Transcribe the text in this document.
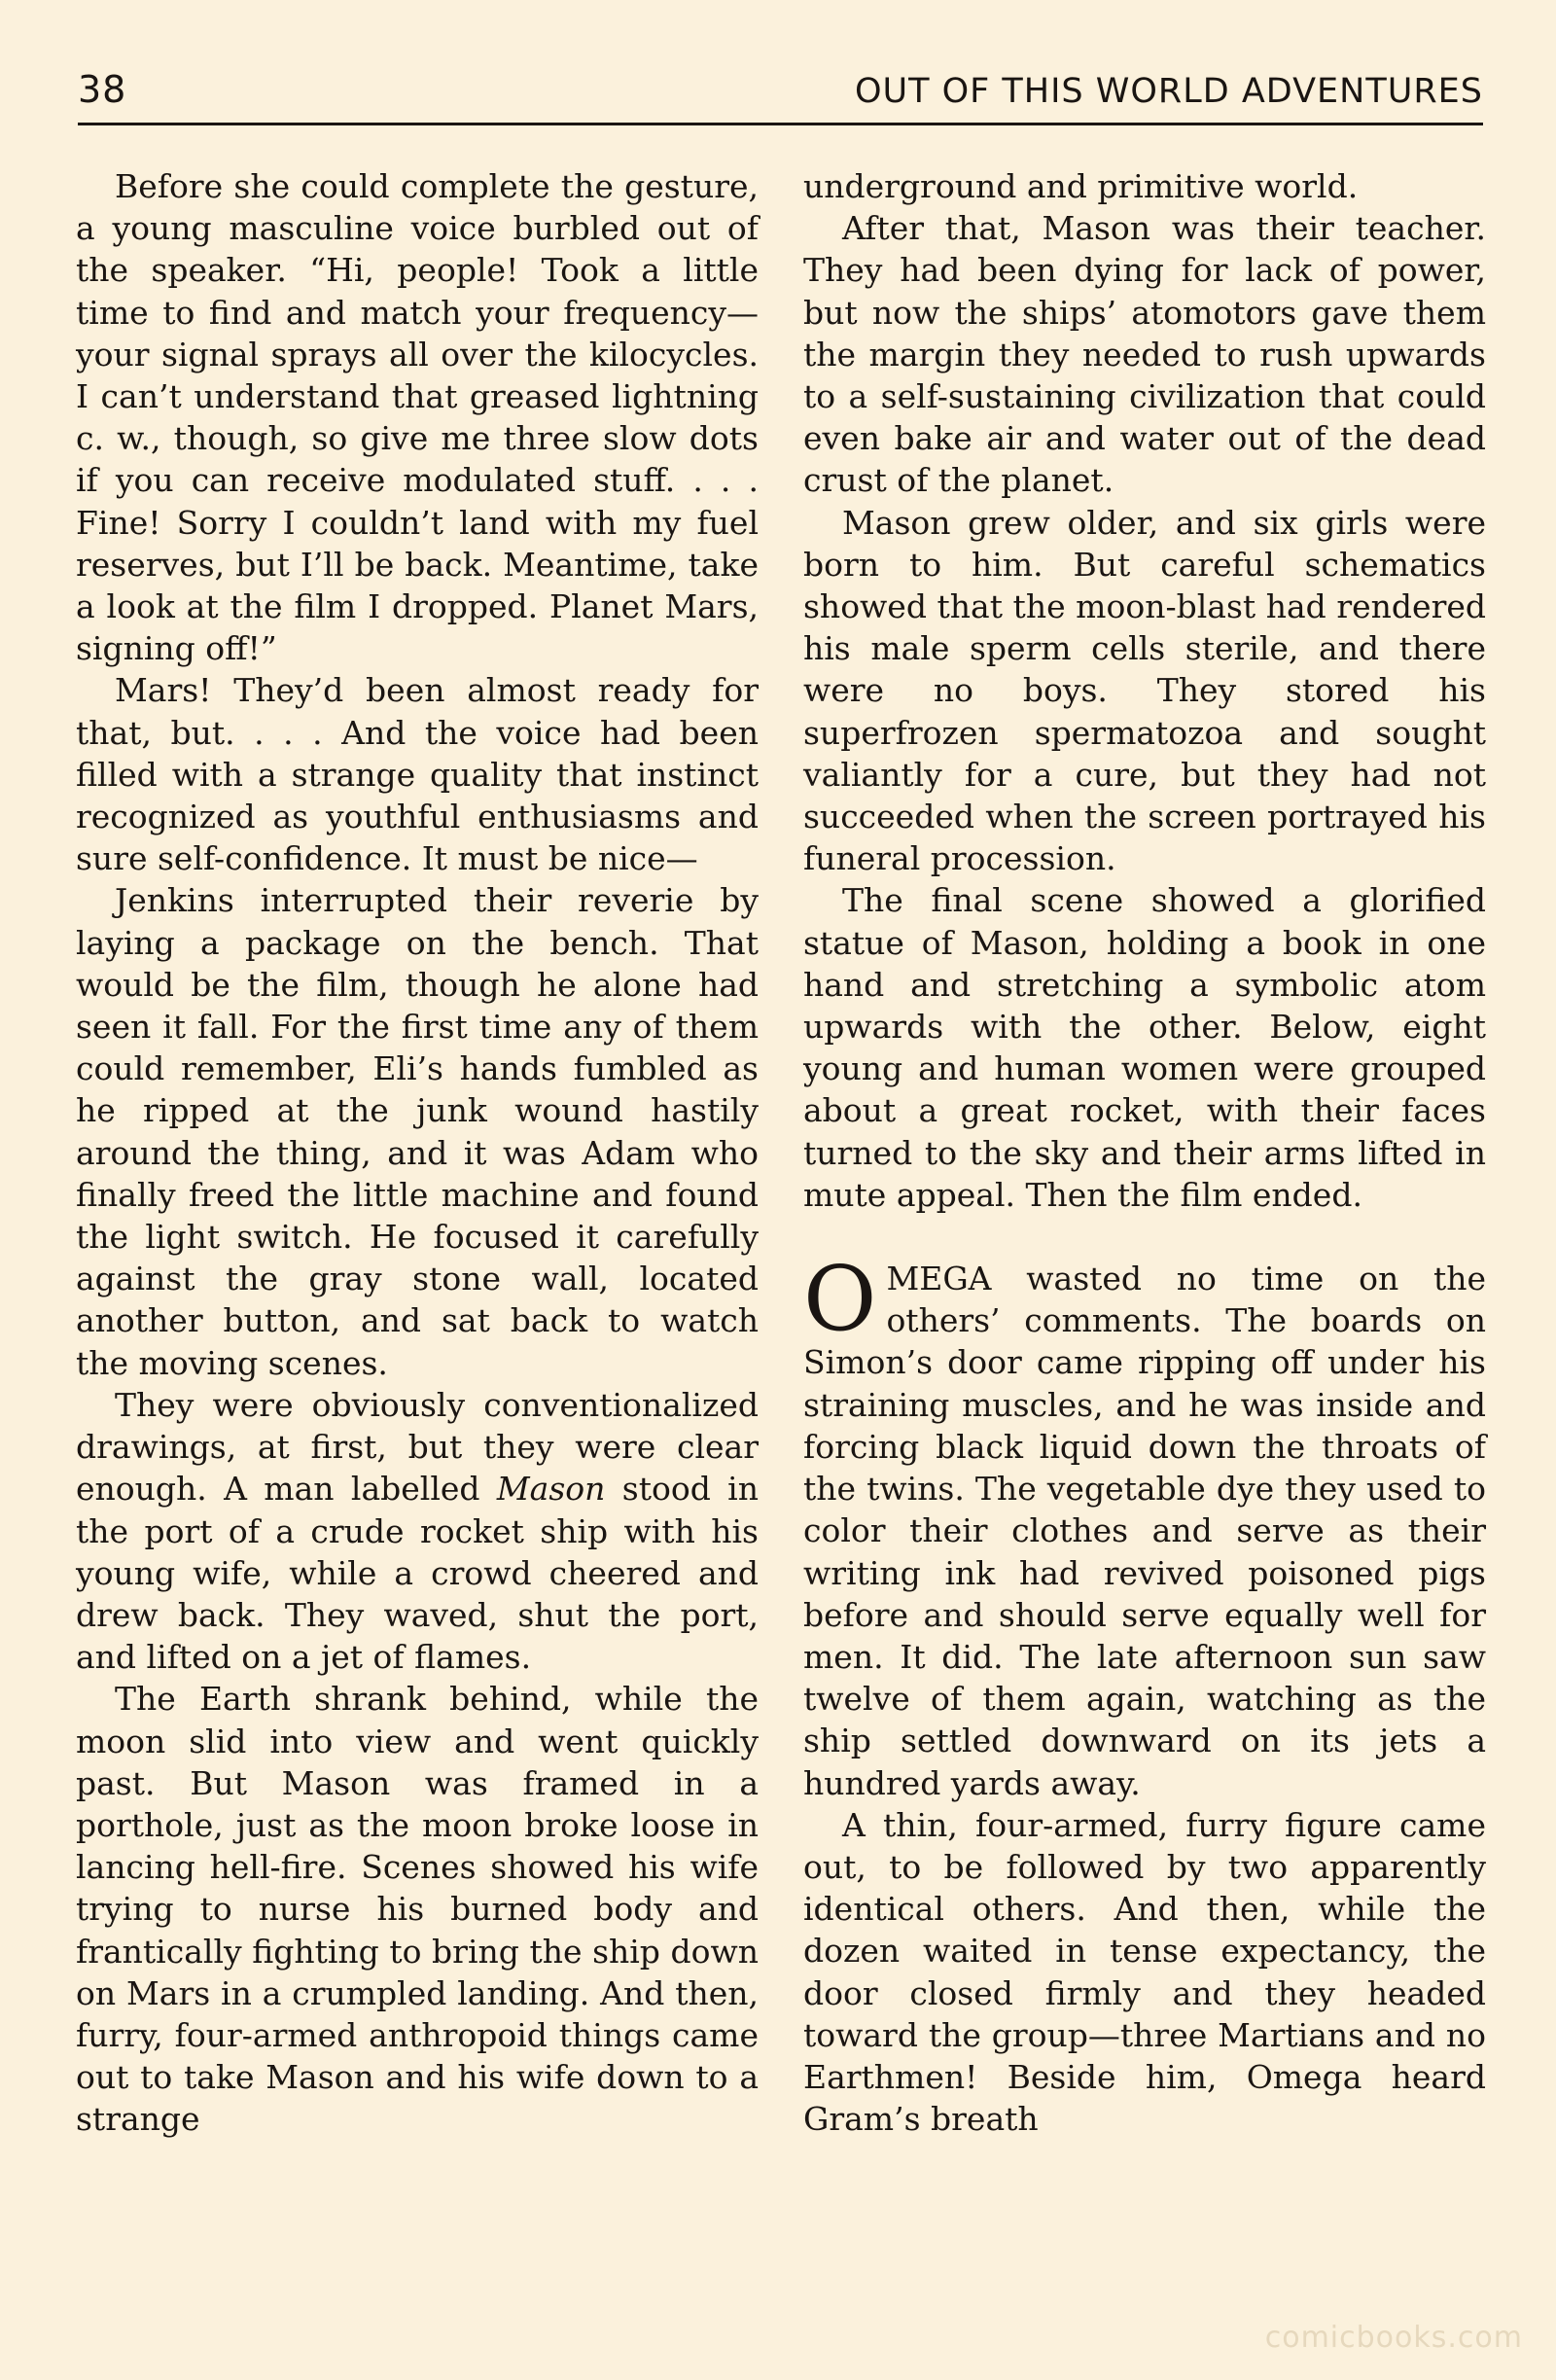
38	OUT OF THIS WORLD ADVENTURES

Before she could complete the gesture, a young masculine voice burbled out of the speaker. “Hi, people! Took a little time to find and match your frequency—your signal sprays all over the kilocycles. I can’t understand that greased lightning c. w., though, so give me three slow dots if you can receive modulated stuff. . . . Fine! Sorry I couldn’t land with my fuel reserves, but I’ll be back. Meantime, take a look at the film I dropped. Planet Mars, signing off!”

Mars! They’d been almost ready for that, but. . . . And the voice had been filled with a strange quality that instinct recognized as youthful enthusiasms and sure self-confidence. It must be nice—

Jenkins interrupted their reverie by laying a package on the bench. That would be the film, though he alone had seen it fall. For the first time any of them could remember, Eli’s hands fumbled as he ripped at the junk wound hastily around the thing, and it was Adam who finally freed the little machine and found the light switch. He focused it carefully against the gray stone wall, located another button, and sat back to watch the moving scenes.

They were obviously conventionalized drawings, at first, but they were clear enough. A man labelled Mason stood in the port of a crude rocket ship with his young wife, while a crowd cheered and drew back. They waved, shut the port, and lifted on a jet of flames.

The Earth shrank behind, while the moon slid into view and went quickly past. But Mason was framed in a porthole, just as the moon broke loose in lancing hell-fire. Scenes showed his wife trying to nurse his burned body and frantically fighting to bring the ship down on Mars in a crumpled landing. And then, furry, four-armed anthropoid things came out to take Mason and his wife down to a strange

underground and primitive world.

After that, Mason was their teacher. They had been dying for lack of power, but now the ships’ atomotors gave them the margin they needed to rush upwards to a self-sustaining civilization that could even bake air and water out of the dead crust of the planet.

Mason grew older, and six girls were born to him. But careful schematics showed that the moon-blast had rendered his male sperm cells sterile, and there were no boys. They stored his superfrozen spermatozoa and sought valiantly for a cure, but they had not succeeded when the screen portrayed his funeral procession.

The final scene showed a glorified statue of Mason, holding a book in one hand and stretching a symbolic atom upwards with the other. Below, eight young and human women were grouped about a great rocket, with their faces turned to the sky and their arms lifted in mute appeal. Then the film ended.

OMEGA wasted no time on the others’ comments. The boards on Simon’s door came ripping off under his straining muscles, and he was inside and forcing black liquid down the throats of the twins. The vegetable dye they used to color their clothes and serve as their writing ink had revived poisoned pigs before and should serve equally well for men. It did. The late afternoon sun saw twelve of them again, watching as the ship settled downward on its jets a hundred yards away.

A thin, four-armed, furry figure came out, to be followed by two apparently identical others. And then, while the dozen waited in tense expectancy, the door closed firmly and they headed toward the group—three Martians and no Earthmen! Beside him, Omega heard Gram’s breath

comicbooks.com
